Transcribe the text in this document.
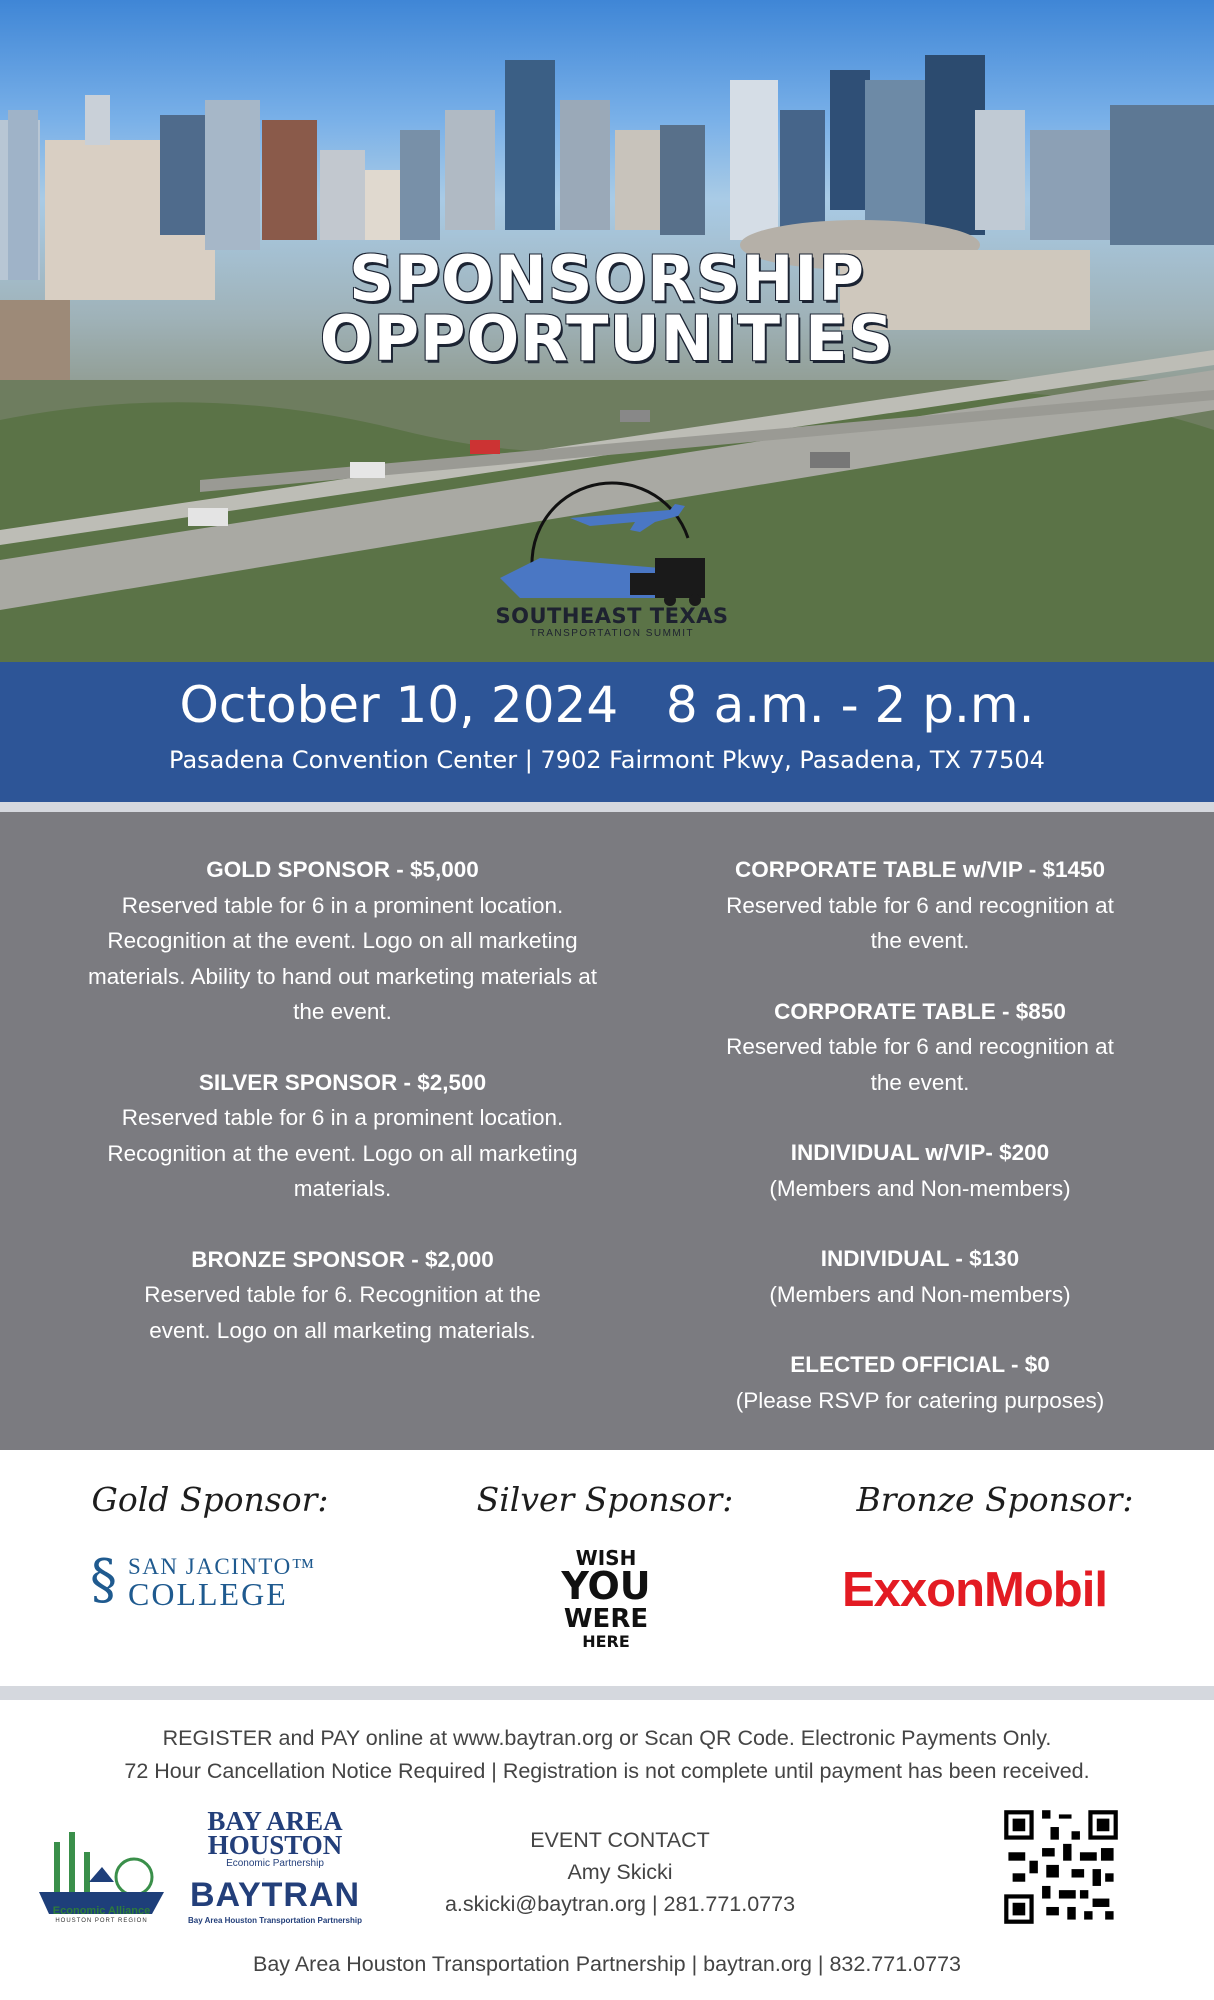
SPONSORSHIP
OPPORTUNITIES
SOUTHEAST TEXAS
TRANSPORTATION SUMMIT
October 10, 2024   8 a.m. - 2 p.m.
Pasadena Convention Center | 7902 Fairmont Pkwy, Pasadena, TX 77504
GOLD SPONSOR - $5,000
Reserved table for 6 in a prominent location. Recognition at the event. Logo on all marketing materials. Ability to hand out marketing materials at the event.
SILVER SPONSOR - $2,500
Reserved table for 6 in a prominent location. Recognition at the event. Logo on all marketing materials.
BRONZE SPONSOR - $2,000
Reserved table for 6. Recognition at the event. Logo on all marketing materials.
CORPORATE TABLE w/VIP - $1450
Reserved table for 6 and recognition at the event.
CORPORATE TABLE - $850
Reserved table for 6 and recognition at the event.
INDIVIDUAL w/VIP- $200
(Members and Non-members)
INDIVIDUAL - $130
(Members and Non-members)
ELECTED OFFICIAL - $0
(Please RSVP for catering purposes)
Gold Sponsor:	Silver Sponsor:	Bronze Sponsor:
§ SAN JACINTO™
COLLEGE
WISH
YOU
WERE
HERE
ExxonMobil
REGISTER and PAY online at www.baytran.org or Scan QR Code. Electronic Payments Only.
72 Hour Cancellation Notice Required | Registration is not complete until payment has been received.
Economic Alliance
HOUSTON PORT REGION
BAY AREA
HOUSTON
Economic Partnership
BAYTRAN
Bay Area Houston Transportation Partnership
EVENT CONTACT
Amy Skicki
a.skicki@baytran.org | 281.771.0773
Bay Area Houston Transportation Partnership | baytran.org | 832.771.0773
